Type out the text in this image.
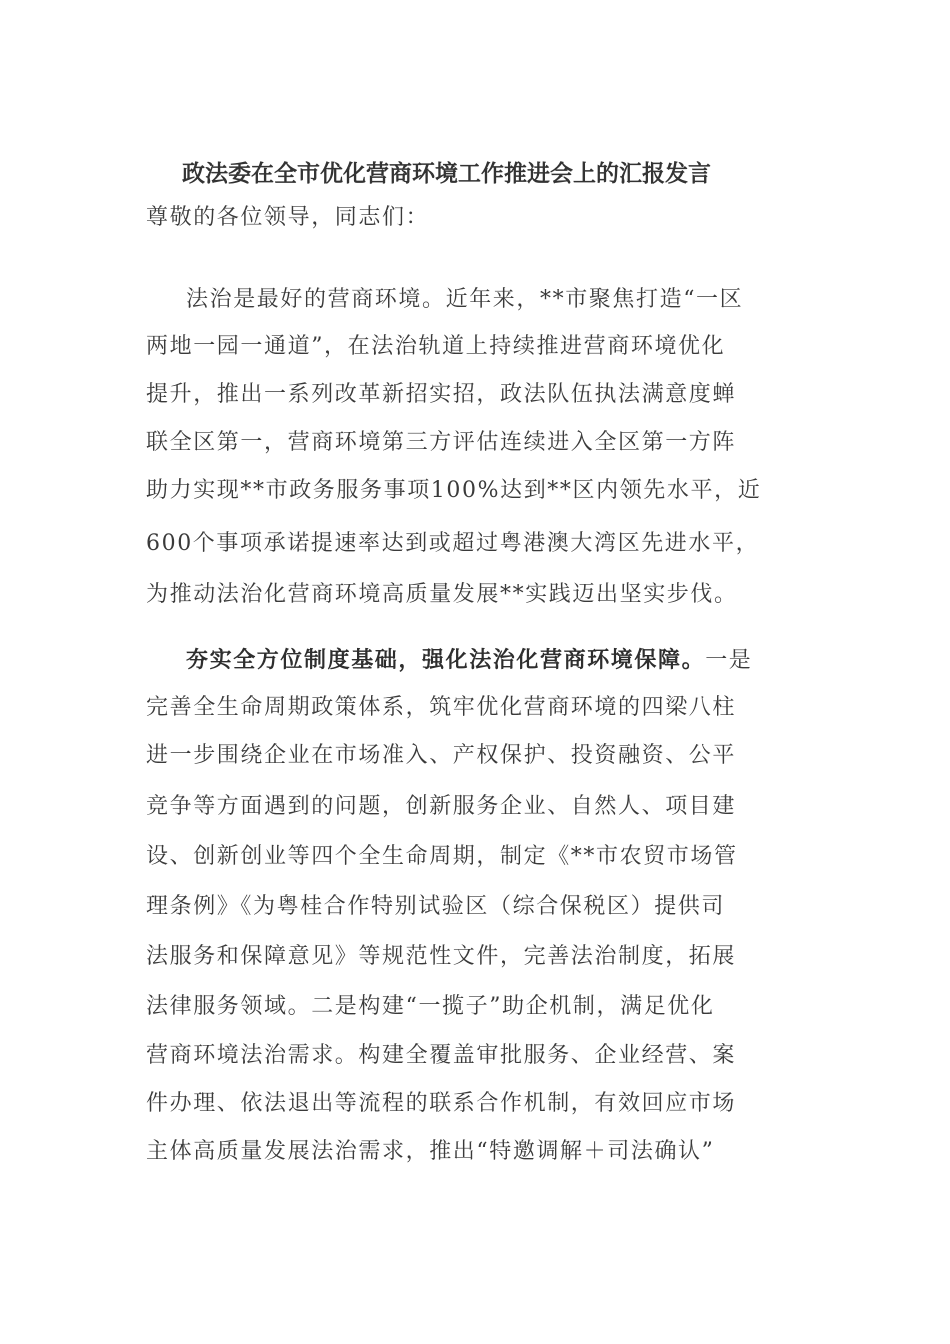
政法委在全市优化营商环境工作推进会上的汇报发言
尊敬的各位领导，同志们：
法治是最好的营商环境。近年来，**市聚焦打造“一区
两地一园一通道”，在法治轨道上持续推进营商环境优化
提升，推出一系列改革新招实招，政法队伍执法满意度蝉
联全区第一，营商环境第三方评估连续进入全区第一方阵
助力实现**市政务服务事项100%达到**区内领先水平，近
600个事项承诺提速率达到或超过粤港澳大湾区先进水平，
为推动法治化营商环境高质量发展**实践迈出坚实步伐。
夯实全方位制度基础，强化法治化营商环境保障。一是
完善全生命周期政策体系，筑牢优化营商环境的四梁八柱
进一步围绕企业在市场准入、产权保护、投资融资、公平
竞争等方面遇到的问题，创新服务企业、自然人、项目建
设、创新创业等四个全生命周期，制定《**市农贸市场管
理条例》《为粤桂合作特别试验区（综合保税区）提供司
法服务和保障意见》等规范性文件，完善法治制度，拓展
法律服务领域。二是构建“一揽子”助企机制，满足优化
营商环境法治需求。构建全覆盖审批服务、企业经营、案
件办理、依法退出等流程的联系合作机制，有效回应市场
主体高质量发展法治需求，推出“特邀调解＋司法确认”
